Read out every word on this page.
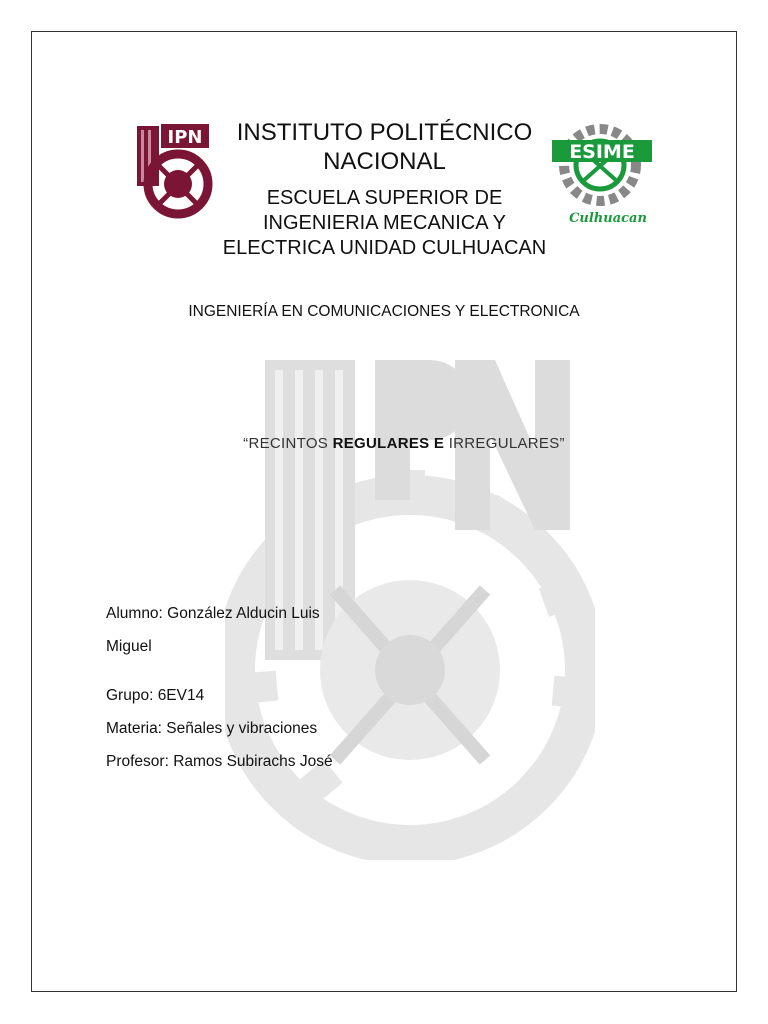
IPN	INSTITUTO POLITÉCNICO
NACIONAL
ESCUELA SUPERIOR DE
INGENIERIA MECANICA Y
ELECTRICA UNIDAD CULHUACAN
ESIME
Culhuacan

INGENIERÍA EN COMUNICACIONES Y ELECTRONICA

“RECINTOS REGULARES E IRREGULARES”

Alumno: González Alducin Luis

Miguel

Grupo: 6EV14

Materia: Señales y vibraciones

Profesor: Ramos Subirachs José
